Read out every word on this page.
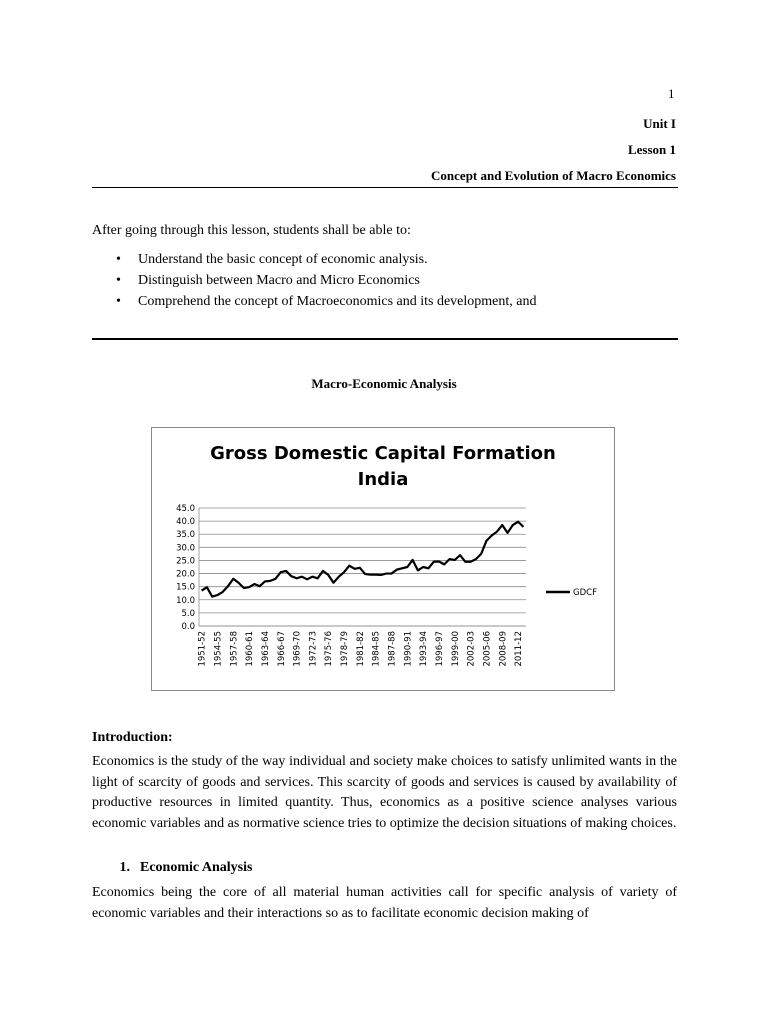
1
Unit I
Lesson 1
Concept and Evolution of Macro Economics
After going through this lesson, students shall be able to:
• Understand the basic concept of economic analysis.
• Distinguish between Macro and Micro Economics
• Comprehend the concept of Macroeconomics and its development, and
Macro-Economic Analysis
Gross Domestic Capital Formation
India
45.0
40.0
35.0
30.0
25.0
20.0
15.0
10.0
5.0
0.0
1951-52 1954-55 1957-58 1960-61 1963-64 1966-67 1969-70 1972-73 1975-76 1978-79 1981-82 1984-85 1987-88 1990-91 1993-94 1996-97 1999-00 2002-03 2005-06 2008-09 2011-12
GDCF
Introduction:
Economics is the study of the way individual and society make choices to satisfy unlimited wants in the light of scarcity of goods and services. This scarcity of goods and services is caused by availability of productive resources in limited quantity. Thus, economics as a positive science analyses various economic variables and as normative science tries to optimize the decision situations of making choices.
1. Economic Analysis
Economics being the core of all material human activities call for specific analysis of variety of economic variables and their interactions so as to facilitate economic decision making of
